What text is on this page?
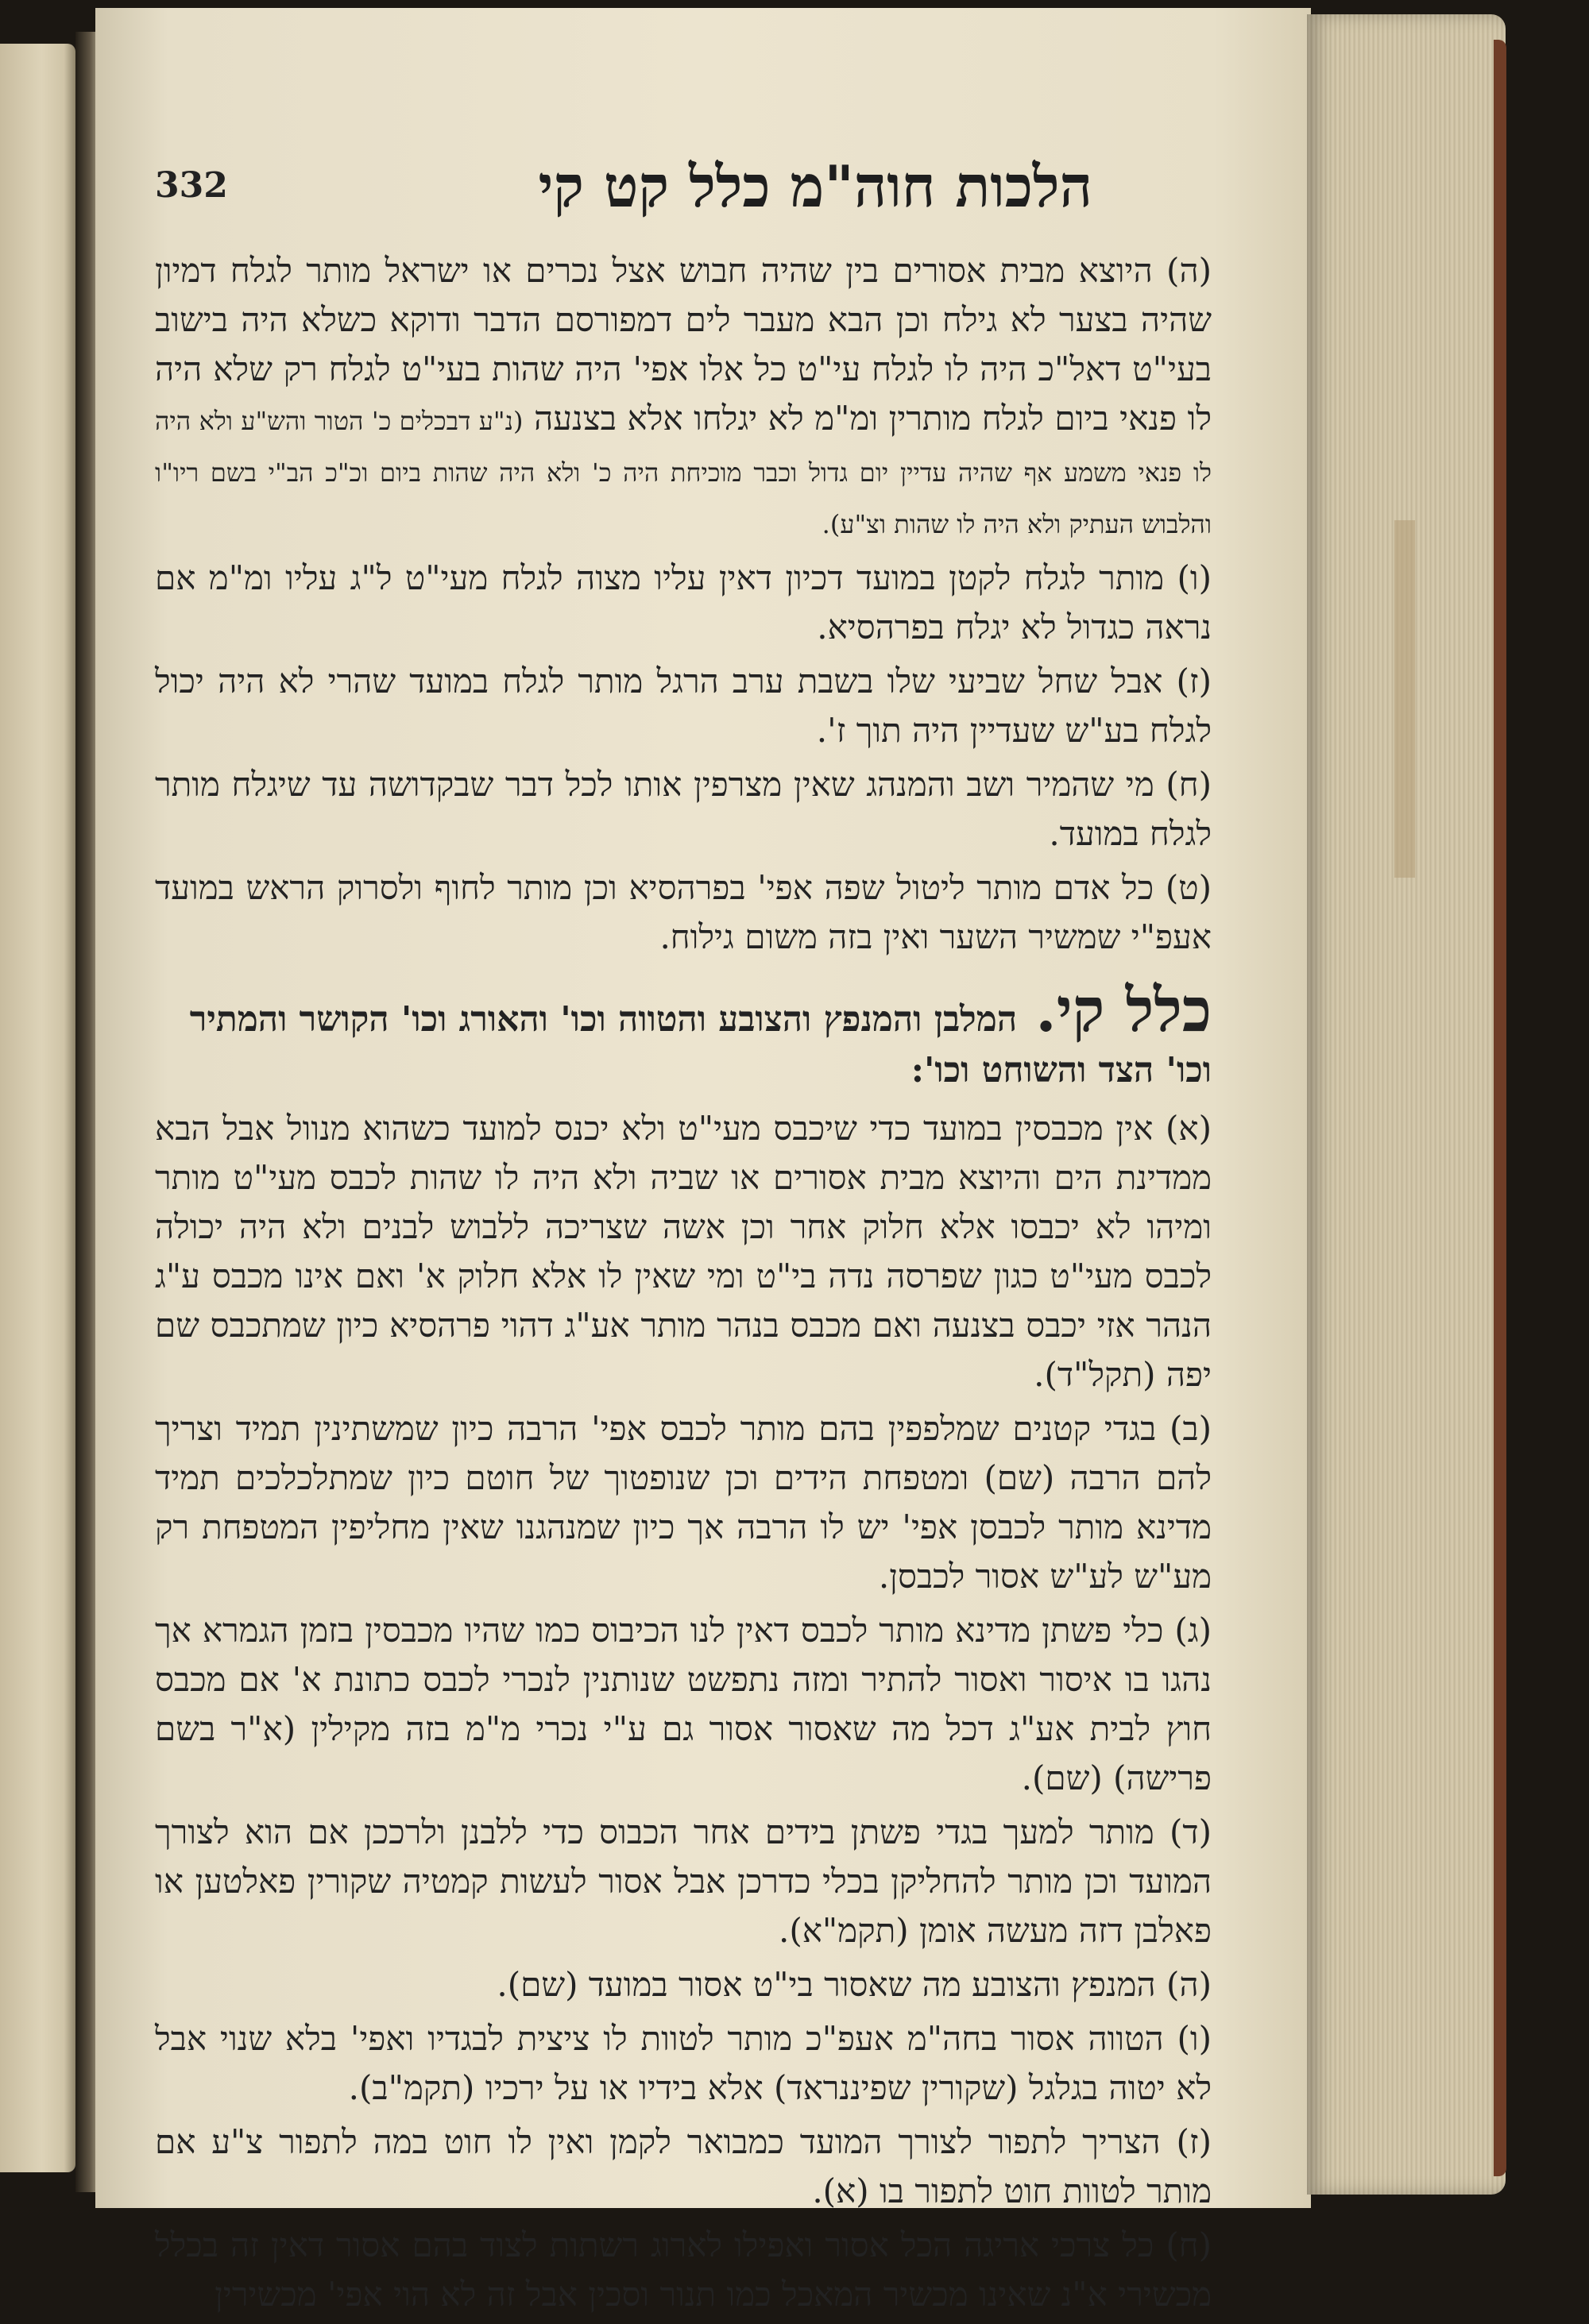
332	הלכות חוה"מ כלל קט קי

(ה) היוצא מבית אסורים בין שהיה חבוש אצל נכרים או ישראל מותר לגלח דמיון שהיה בצער לא גילח וכן הבא מעבר לים דמפורסם הדבר ודוקא כשלא היה בישוב בעי"ט דאל"כ היה לו לגלח עי"ט כל אלו אפי' היה שהות בעי"ט לגלח רק שלא היה לו פנאי ביום לגלח מותרין ומ"מ לא יגלחו אלא בצנעה (נ"ע דבכלים כ' הטור והש"ע ולא היה לו פנאי משמע אף שהיה עדיין יום גדול וכבר מוכיחת היה כ' ולא היה שהות ביום וכ"כ הב"י בשם ריו"ו והלבוש העתיק ולא היה לו שהות וצ"ע).

(ו) מותר לגלח לקטן במועד דכיון דאין עליו מצוה לגלח מעי"ט ל"ג עליו ומ"מ אם נראה כגדול לא יגלח בפרהסיא.

(ז) אבל שחל שביעי שלו בשבת ערב הרגל מותר לגלח במועד שהרי לא היה יכול לגלח בע"ש שעדיין היה תוך ז'.

(ח) מי שהמיר ושב והמנהג שאין מצרפין אותו לכל דבר שבקדושה עד שיגלח מותר לגלח במועד.

(ט) כל אדם מותר ליטול שפה אפי' בפרהסיא וכן מותר לחוף ולסרוק הראש במועד אעפ"י שמשיר השער ואין בזה משום גילוח.

כלל קי. המלבן והמנפץ והצובע והטווה וכו' והאורג וכו' הקושר והמתיר וכו' הצד והשוחט וכו':

(א) אין מכבסין במועד כדי שיכבס מעי"ט ולא יכנס למועד כשהוא מנוול אבל הבא ממדינת הים והיוצא מבית אסורים או שביה ולא היה לו שהות לכבס מעי"ט מותר ומיהו לא יכבסו אלא חלוק אחר וכן אשה שצריכה ללבוש לבנים ולא היה יכולה לכבס מעי"ט כגון שפרסה נדה בי"ט ומי שאין לו אלא חלוק א' ואם אינו מכבס ע"ג הנהר אזי יכבס בצנעה ואם מכבס בנהר מותר אע"ג דהוי פרהסיא כיון שמתכבס שם יפה (תקל"ד).

(ב) בגדי קטנים שמלפפין בהם מותר לכבס אפי' הרבה כיון שמשתינין תמיד וצריך להם הרבה (שם) ומטפחת הידים וכן שנופטוך של חוטם כיון שמתלכלכים תמיד מדינא מותר לכבסן אפי' יש לו הרבה אך כיון שמנהגנו שאין מחליפין המטפחת רק מע"ש לע"ש אסור לכבסן.

(ג) כלי פשתן מדינא מותר לכבס דאין לנו הכיבוס כמו שהיו מכבסין בזמן הגמרא אך נהגו בו איסור ואסור להתיר ומזה נתפשט שנותנין לנכרי לכבס כתונת א' אם מכבס חוץ לבית אע"ג דכל מה שאסור אסור גם ע"י נכרי מ"מ בזה מקילין (א"ר בשם פרישה) (שם).

(ד) מותר למעך בגדי פשתן בידים אחר הכבוס כדי ללבנן ולרככן אם הוא לצורך המועד וכן מותר להחליקן בכלי כדרכן אבל אסור לעשות קמטיה שקורין פאלטען או פאלבן דזה מעשה אומן (תקמ"א).

(ה) המנפץ והצובע מה שאסור בי"ט אסור במועד (שם).

(ו) הטווה אסור בחה"מ אעפ"כ מותר לטוות לו ציצית לבגדיו ואפי' בלא שנוי אבל לא יטוה בגלגל (שקורין שפיננראד) אלא בידיו או על ירכיו (תקמ"ב).

(ז) הצריך לתפור לצורך המועד כמבואר לקמן ואין לו חוט במה לתפור צ"ע אם מותר לטוות חוט לתפור בו (א).

(ח) כל צרכי אריגה הכל אסור ואפילו לארוג רשתות לצוד בהם אסור דאין זה בכלל מכשירי א"נ שאינו מכשיר המאכל כמו תנור וסכין אבל זה לא הוי אפי' מכשירין
